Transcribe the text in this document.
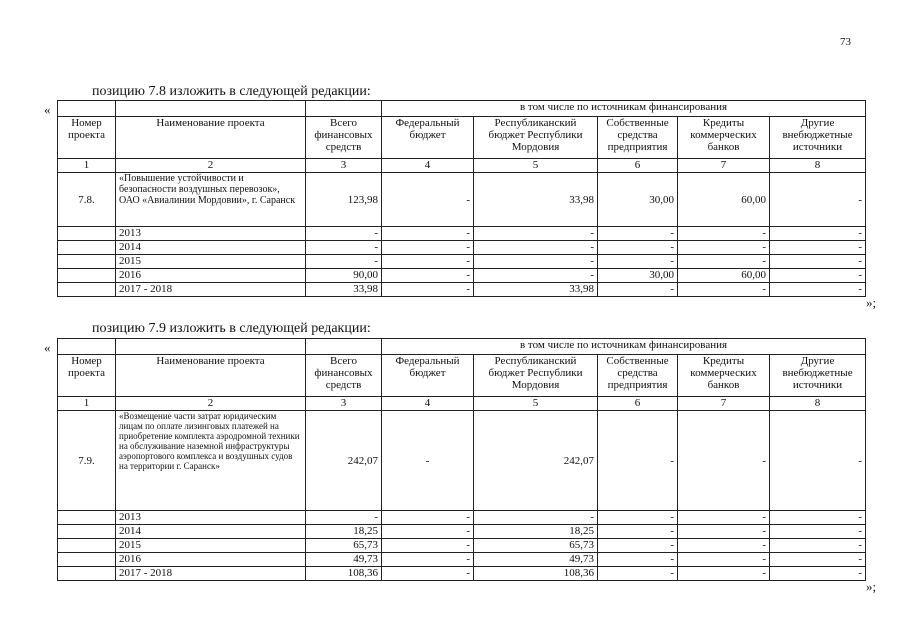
73
позицию 7.8 изложить в следующей редакции:
«
				в том числе по источникам финансирования				
Номер проекта	Наименование проекта	Всего финансовых средств	Федеральный бюджет	Республиканский бюджет Республики Мордовия	Собственные средства предприятия	Кредиты коммерческих банков	Другие внебюджетные источники
1	2	3	4	5	6	7	8
7.8.	«Повышение устойчивости и безопасности воздушных перевозок», ОАО «Авиалинии Мордовии», г. Саранск	123,98	-	33,98	30,00	60,00	-
	2013	-	-	-	-	-	-
	2014	-	-	-	-	-	-
	2015	-	-	-	-	-	-
	2016	90,00	-	-	30,00	60,00	-
	2017 - 2018	33,98	-	33,98	-	-	-
»;
позицию 7.9 изложить в следующей редакции:
«
				в том числе по источникам финансирования				
Номер проекта	Наименование проекта	Всего финансовых средств	Федеральный бюджет	Республиканский бюджет Республики Мордовия	Собственные средства предприятия	Кредиты коммерческих банков	Другие внебюджетные источники
1	2	3	4	5	6	7	8
7.9.	«Возмещение части затрат юридическим лицам по оплате лизинговых платежей на приобретение комплекта аэродромной техники на обслуживание наземной инфраструктуры аэропортового комплекса и воздушных судов на территории г. Саранск»	242,07	-	242,07	-	-	-
	2013	-	-	-	-	-	-
	2014	18,25	-	18,25	-	-	-
	2015	65,73	-	65,73	-	-	-
	2016	49,73	-	49,73	-	-	-
	2017 - 2018	108,36	-	108,36	-	-	-
»;
